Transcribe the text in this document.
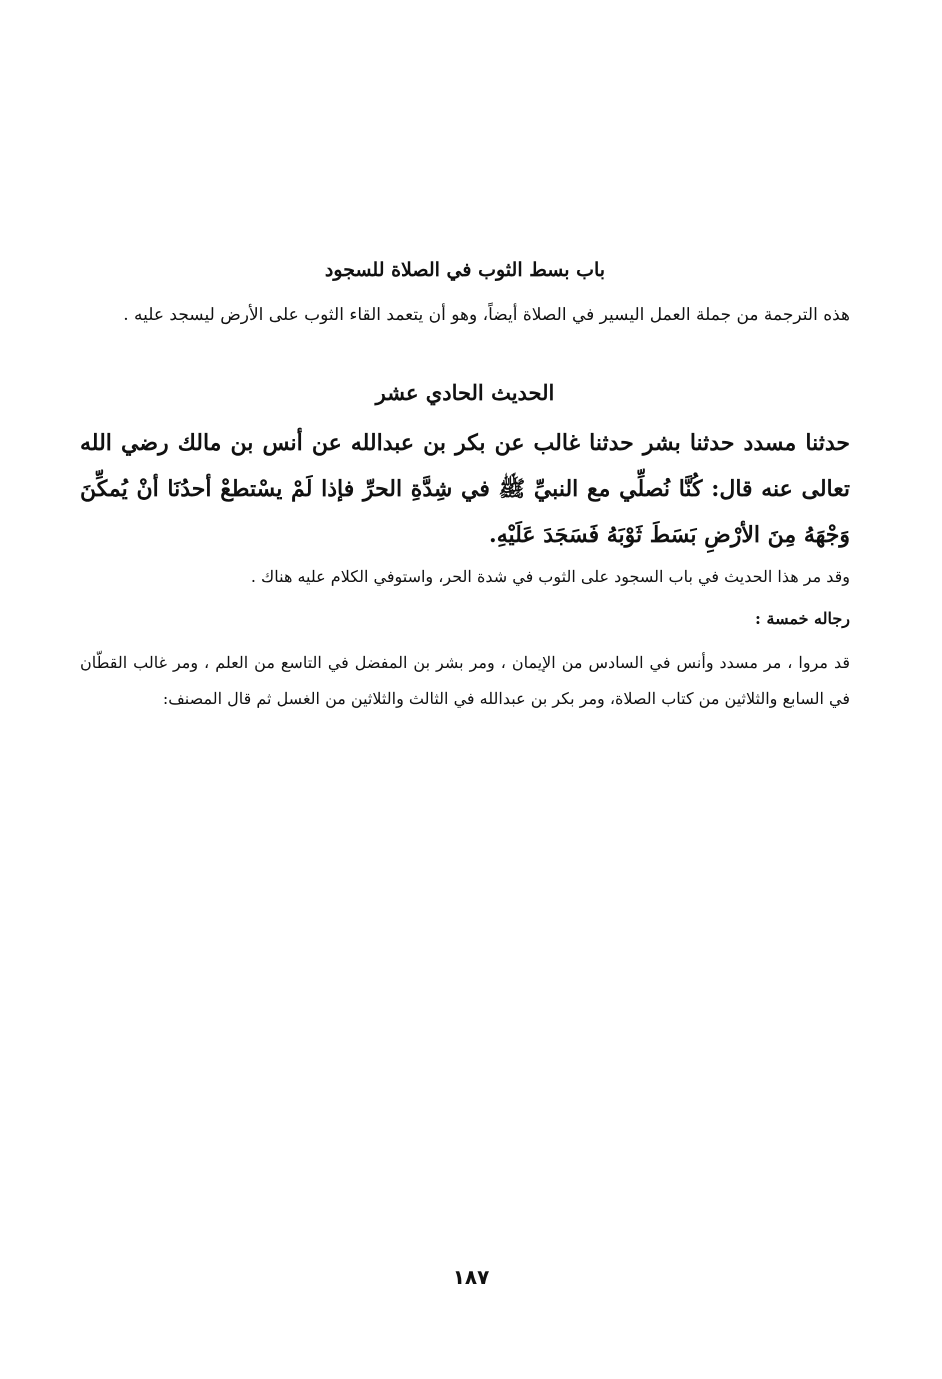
باب بسط الثوب في الصلاة للسجود
هذه الترجمة من جملة العمل اليسير في الصلاة أيضاً، وهو أن يتعمد القاء الثوب على الأرض ليسجد عليه .
الحديث الحادي عشر
حدثنا مسدد حدثنا بشر حدثنا غالب عن بكر بن عبدالله عن أنس بن مالك رضي الله تعالى عنه قال: كُنَّا نُصلِّي مع النبيِّ ﷺ في شِدَّةِ الحرِّ فإذا لَمْ يسْتطعْ أحدُنَا أنْ يُمكِّنَ وَجْهَهُ مِنَ الأرْضِ بَسَطَ ثَوْبَهُ فَسَجَدَ عَلَيْهِ.
وقد مر هذا الحديث في باب السجود على الثوب في شدة الحر، واستوفي الكلام عليه هناك .
رجاله خمسة :
قد مروا ، مر مسدد وأنس في السادس من الإيمان ، ومر بشر بن المفضل في التاسع من العلم ، ومر غالب القطّان في السابع والثلاثين من كتاب الصلاة، ومر بكر بن عبدالله في الثالث والثلاثين من الغسل ثم قال المصنف:
١٨٧
